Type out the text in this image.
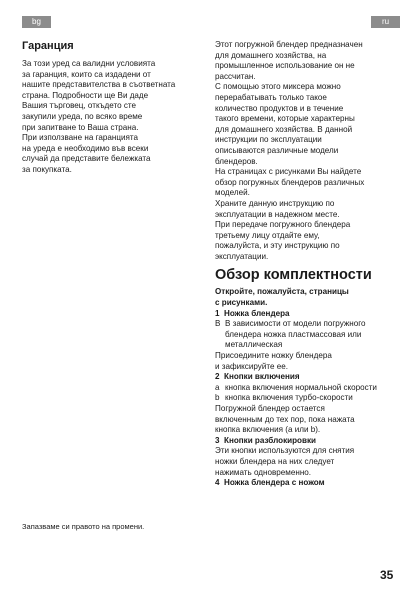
bg	ru
Гаранция
За този уред са валидни условията
за гаранция, които са издадени от
нашите представителства в съответната
страна. Подробности ще Ви даде
Вашия търговец, откъдето сте
закупили уреда, по всяко време
при запитване to Ваша страна.
При използване на гаранцията
на уреда е необходимо във всеки
случай да представите бележката
за покупката.
Запазваме си правото на промени.
Этот погружной блендер предназначен
для домашнего хозяйства, на
промышленное использование он не
рассчитан.
С помощью этого миксера можно
перерабатывать только такое
количество продуктов и в течение
такого времени, которые характерны
для домашнего хозяйства. В данной
инструкции по эксплуатации
описываются различные модели
блендеров.
На страницах с рисунками Вы найдете
обзор погружных блендеров различных
моделей.
Храните данную инструкцию по
эксплуатации в надежном месте.
При передаче погружного блендера
третьему лицу отдайте ему,
пожалуйста, и эту инструкцию по
эксплуатации.
Обзор комплектности
Откройте, пожалуйста, страницы
с рисунками.
1  Ножка блендера
B В зависимости от модели погружного блендера ножка пластмассовая или металлическая
Присоедините ножку блендера
и зафиксируйте ее.
2  Кнопки включения
a кнопка включения нормальной скорости
b кнопка включения турбо-скорости
Погружной блендер остается
включенным до тех пор, пока нажата
кнопка включения (a или b).
3  Кнопки разблокировки
Эти кнопки используются для снятия
ножки блендера на них следует
нажимать одновременно.
4  Ножка блендера с ножом
35
